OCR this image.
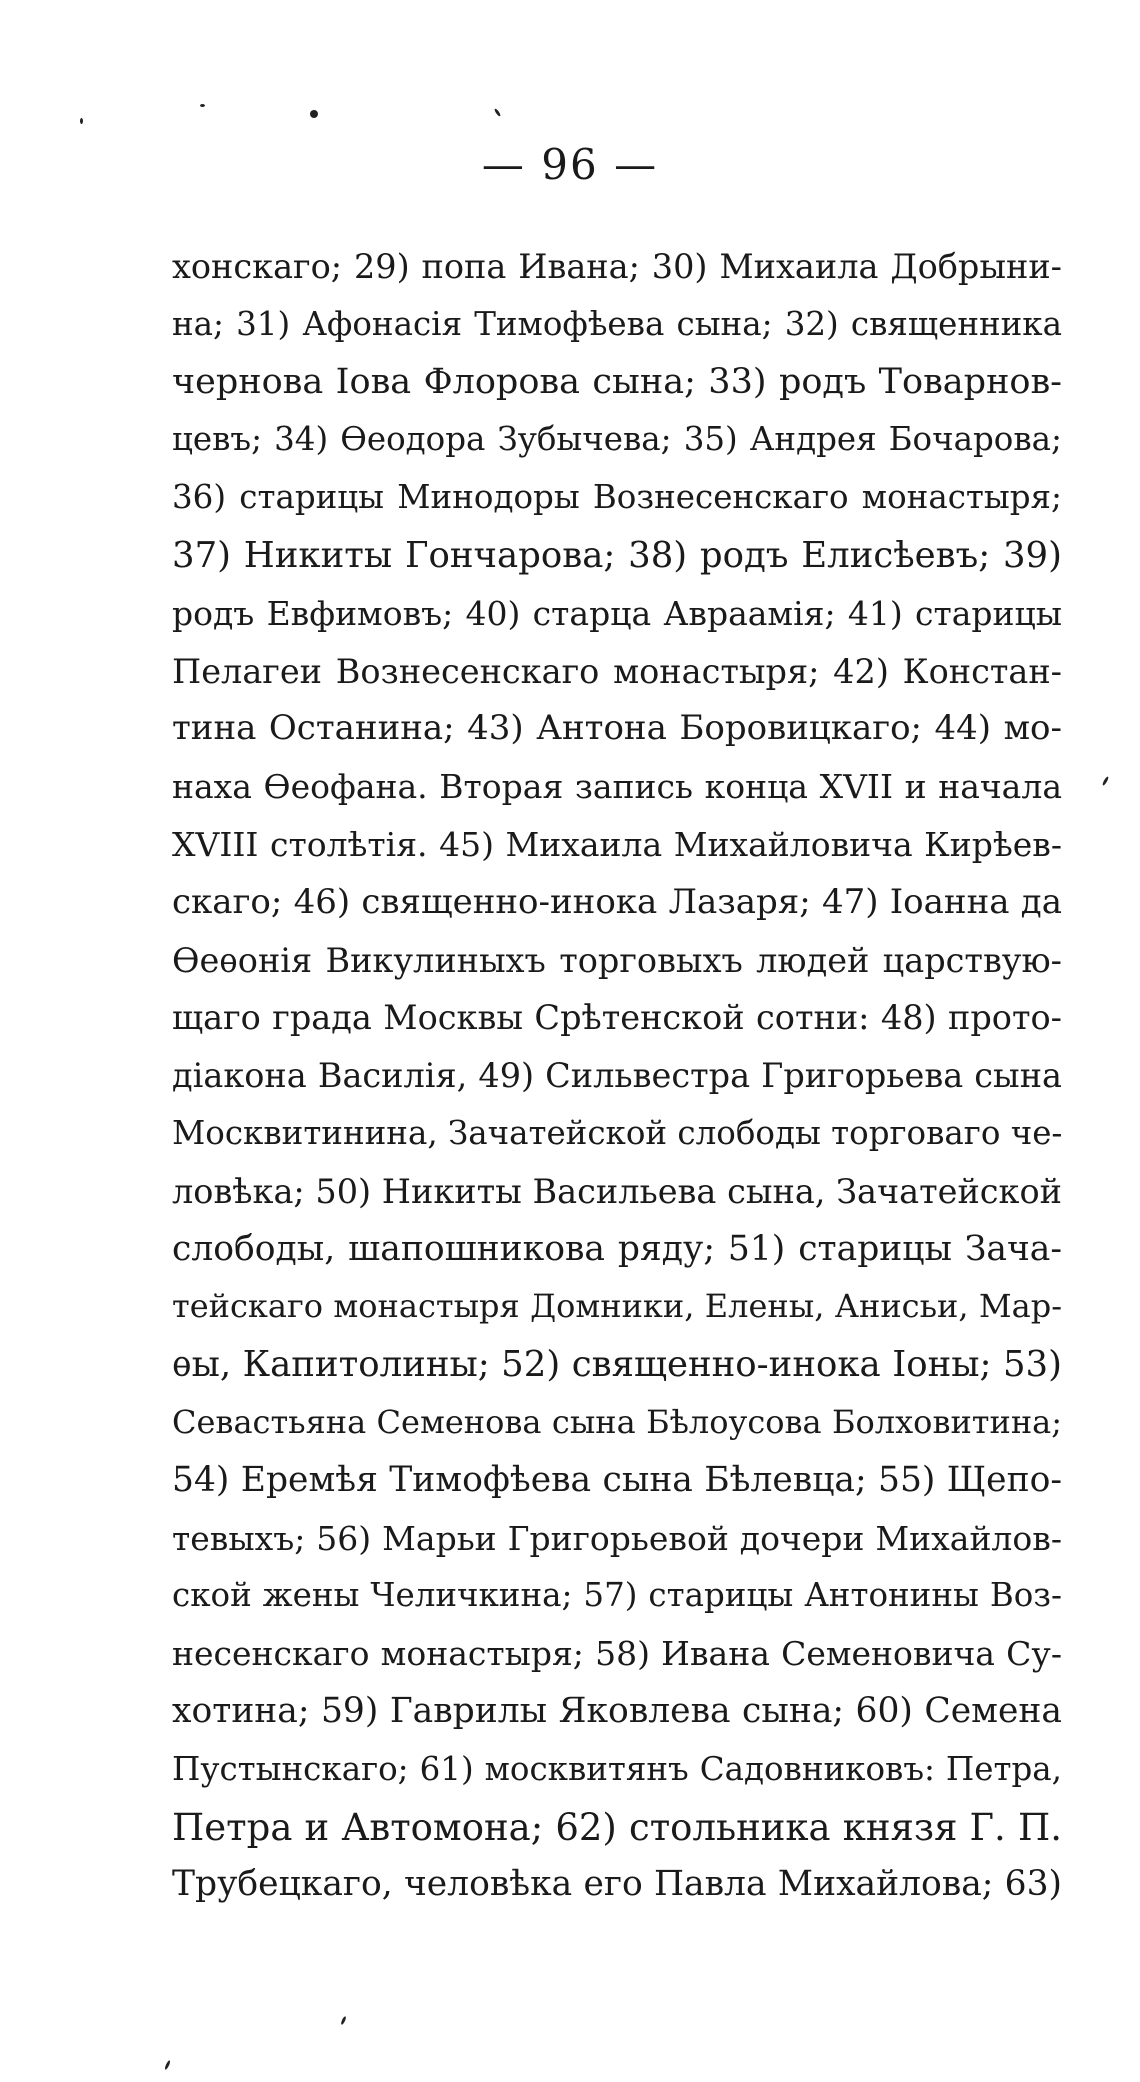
— 96 —
хонскаго; 29) попа Ивана; 30) Михаила Добрыни-
на; 31) Афонасія Тимофѣева сына; 32) священника
чернова Іова Флорова сына; 33) родъ Товарнов-
цевъ; 34) Ѳеодора Зубычева; 35) Андрея Бочарова;
36) старицы Минодоры Вознесенскаго монастыря;
37) Никиты Гончарова; 38) родъ Елисѣевъ; 39)
родъ Евфимовъ; 40) старца Авраамія; 41) старицы
Пелагеи Вознесенскаго монастыря; 42) Констан-
тина Останина; 43) Антона Боровицкаго; 44) мо-
наха Ѳеофана. Вторая запись конца XVII и начала
XVIII столѣтія. 45) Михаила Михайловича Кирѣев-
скаго; 46) священно-инока Лазаря; 47) Іоанна да
Ѳеѳонія Викулиныхъ торговыхъ людей царствую-
щаго града Москвы Срѣтенской сотни: 48) прото-
діакона Василія, 49) Сильвестра Григорьева сына
Москвитинина, Зачатейской слободы торговаго че-
ловѣка; 50) Никиты Васильева сына, Зачатейской
слободы, шапошникова ряду; 51) старицы Зача-
тейскаго монастыря Домники, Елены, Анисьи, Мар-
ѳы, Капитолины; 52) священно-инока Іоны; 53)
Севастьяна Семенова сына Бѣлоусова Болховитина;
54) Еремѣя Тимофѣева сына Бѣлевца; 55) Щепо-
тевыхъ; 56) Марьи Григорьевой дочери Михайлов-
ской жены Челичкина; 57) старицы Антонины Воз-
несенскаго монастыря; 58) Ивана Семеновича Су-
хотина; 59) Гаврилы Яковлева сына; 60) Семена
Пустынскаго; 61) москвитянъ Садовниковъ: Петра,
Петра и Автомона; 62) стольника князя Г. П.
Трубецкаго, человѣка его Павла Михайлова; 63)
